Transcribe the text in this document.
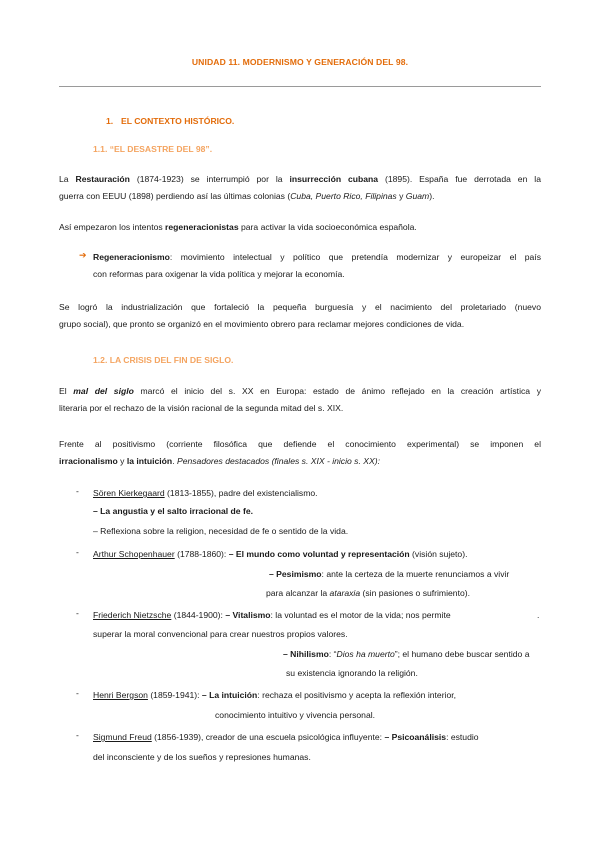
UNIDAD 11. MODERNISMO Y GENERACIÓN DEL 98.
1. EL CONTEXTO HISTÓRICO.
1.1. “EL DESASTRE DEL 98”.
La Restauración (1874-1923) se interrumpió por la insurrección cubana (1895). España fue derrotada en la
guerra con EEUU (1898) perdiendo así las últimas colonias (Cuba, Puerto Rico, Filipinas y Guam).
Así empezaron los intentos regeneracionistas para activar la vida socioeconómica española.
➔ Regeneracionismo: movimiento intelectual y político que pretendía modernizar y europeizar el país
con reformas para oxigenar la vida política y mejorar la economía.
Se logró la industrialización que fortaleció la pequeña burguesía y el nacimiento del proletariado (nuevo
grupo social), que pronto se organizó en el movimiento obrero para reclamar mejores condiciones de vida.
1.2. LA CRISIS DEL FIN DE SIGLO.
El mal del siglo marcó el inicio del s. XX en Europa: estado de ánimo reflejado en la creación artística y
literaria por el rechazo de la visión racional de la segunda mitad del s. XIX.
Frente al positivismo (corriente filosófica que defiende el conocimiento experimental) se imponen el
irracionalismo y la intuición. Pensadores destacados (finales s. XIX - inicio s. XX):
- Sören Kierkegaard (1813-1855), padre del existencialismo.
– La angustia y el salto irracional de fe.
– Reflexiona sobre la religion, necesidad de fe o sentido de la vida.
- Arthur Schopenhauer (1788-1860): – El mundo como voluntad y representación (visión sujeto).
– Pesimismo: ante la certeza de la muerte renunciamos a vivir
para alcanzar la ataraxia (sin pasiones o sufrimiento).
- Friederich Nietzsche (1844-1900): – Vitalismo: la voluntad es el motor de la vida; nos permite	.
superar la moral convencional para crear nuestros propios valores.
– Nihilismo: “Dios ha muerto”; el humano debe buscar sentido a
su existencia ignorando la religión.
- Henri Bergson (1859-1941): – La intuición: rechaza el positivismo y acepta la reflexión interior,
conocimiento intuitivo y vivencia personal.
- Sigmund Freud (1856-1939), creador de una escuela psicológica influyente: – Psicoanálisis: estudio
del inconsciente y de los sueños y represiones humanas.
